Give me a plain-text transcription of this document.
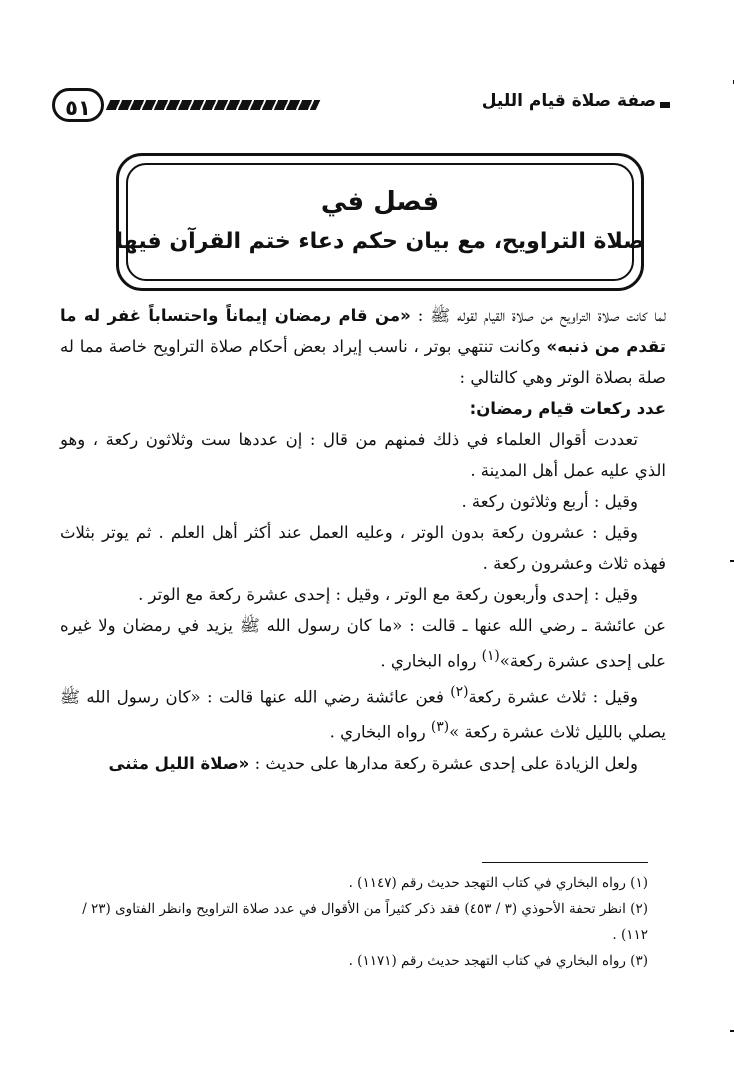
٥١	صفة صلاة قيام الليل
فصل في
صلاة التراويح، مع بيان حكم دعاء ختم القرآن فيها

لما كانت صلاة التراويح من صلاة القيام لقوله ﷺ : «من قام رمضان إيماناً واحتساباً غفر له ما تقدم من ذنبه» وكانت تنتهي بوتر ، ناسب إيراد بعض أحكام صلاة التراويح خاصة مما له صلة بصلاة الوتر وهي كالتالي :

عدد ركعات قيام رمضان:

تعددت أقوال العلماء في ذلك فمنهم من قال : إن عددها ست وثلاثون ركعة ، وهو الذي عليه عمل أهل المدينة .

وقيل : أربع وثلاثون ركعة .

وقيل : عشرون ركعة بدون الوتر ، وعليه العمل عند أكثر أهل العلم . ثم يوتر بثلاث فهذه ثلاث وعشرون ركعة .

وقيل : إحدى وأربعون ركعة مع الوتر ، وقيل : إحدى عشرة ركعة مع الوتر .

عن عائشة ـ رضي الله عنها ـ قالت : «ما كان رسول الله ﷺ يزيد في رمضان ولا غيره على إحدى عشرة ركعة»$^{(١)}$ رواه البخاري .

وقيل : ثلاث عشرة ركعة$^{(٢)}$ فعن عائشة رضي الله عنها قالت : «كان رسول الله ﷺ يصلي بالليل ثلاث عشرة ركعة »$^{(٣)}$ رواه البخاري .

ولعل الزيادة على إحدى عشرة ركعة مدارها على حديث : «صلاة الليل مثنى

(١) رواه البخاري في كتاب التهجد حديث رقم (١١٤٧) .

(٢) انظر تحفة الأحوذي (٣ / ٤٥٣) فقد ذكر كثيراً من الأقوال في عدد صلاة التراويح وانظر الفتاوى (٢٣ / ١١٢) .

(٣) رواه البخاري في كتاب التهجد حديث رقم (١١٧١) .
